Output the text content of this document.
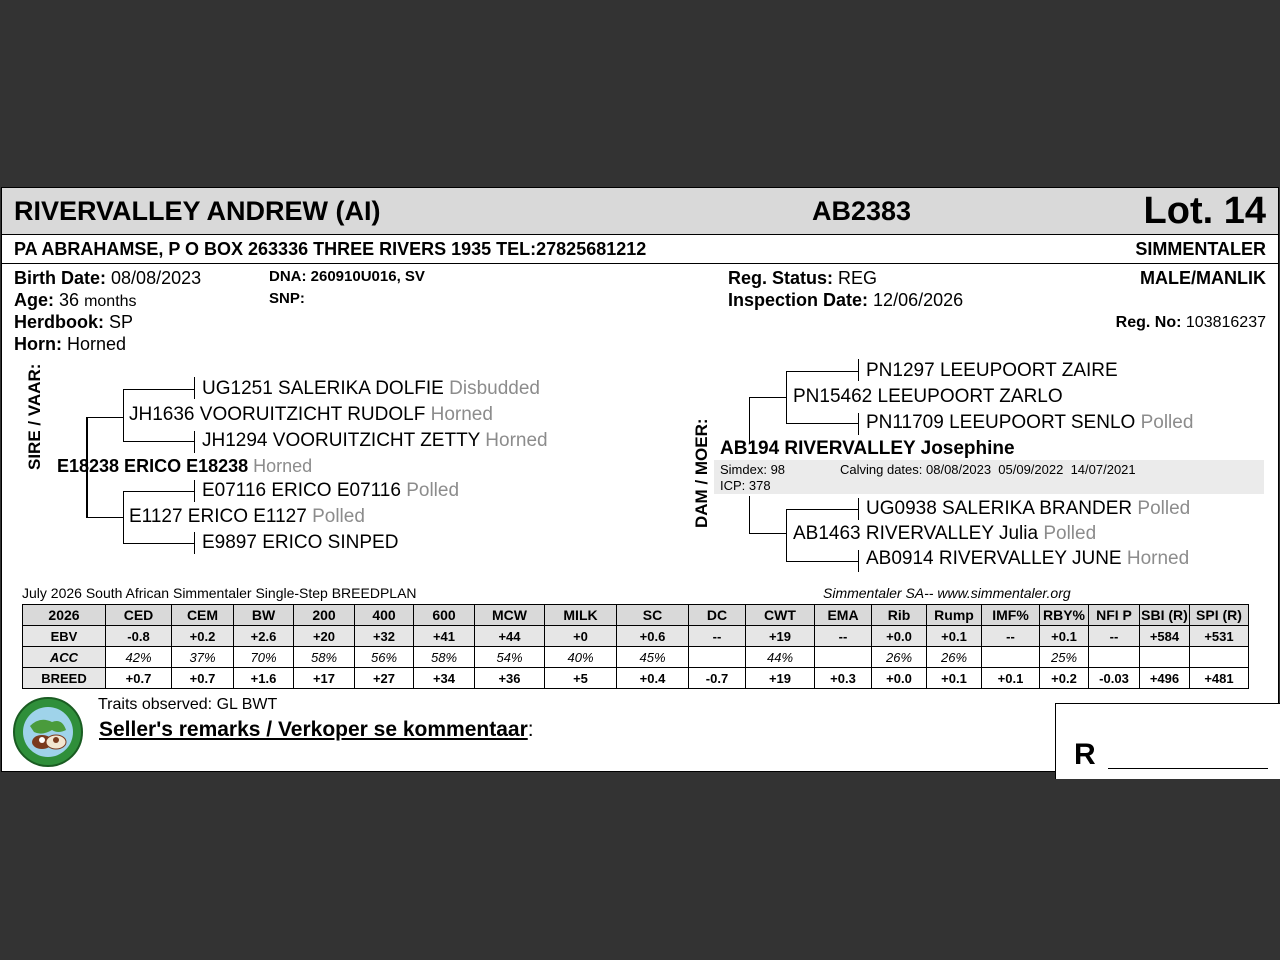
RIVERVALLEY ANDREW (AI)	AB2383	Lot. 14
PA ABRAHAMSE, P O BOX 263336 THREE RIVERS 1935 TEL:27825681212	SIMMENTALER
Birth Date: 08/08/2023
Age: 36 months
Herdbook: SP
Horn: Horned
DNA: 260910U016, SV
SNP:
Reg. Status: REG
Inspection Date: 12/06/2026
MALE/MANLIK
Reg. No: 103816237
SIRE / VAAR:	UG1251 SALERIKA DOLFIE Disbudded
JH1636 VOORUITZICHT RUDOLF Horned
JH1294 VOORUITZICHT ZETTY Horned
E18238 ERICO E18238 Horned
E07116 ERICO E07116 Polled
E1127 ERICO E1127 Polled
E9897 ERICO SINPED
DAM / MOER:
PN1297 LEEUPOORT ZAIRE
PN15462 LEEUPOORT ZARLO
PN11709 LEEUPOORT SENLO Polled
AB194 RIVERVALLEY Josephine
Simdex: 98	Calving dates: 08/08/2023  05/09/2022  14/07/2021
ICP: 378
UG0938 SALERIKA BRANDER Polled
AB1463 RIVERVALLEY Julia Polled
AB0914 RIVERVALLEY JUNE Horned
July 2026 South African Simmentaler Single-Step BREEDPLAN	Simmentaler SA-- www.simmentaler.org
2026	CED	CEM	BW	200	400	600	MCW	MILK	SC	DC	CWT	EMA	Rib	Rump	IMF%	RBY%	NFI P	SBI (R)	SPI (R)
EBV	-0.8	+0.2	+2.6	+20	+32	+41	+44	+0	+0.6	--	+19	--	+0.0	+0.1	--	+0.1	--	+584	+531
ACC	42%	37%	70%	58%	56%	58%	54%	40%	45%		44%		26%	26%		25%			
BREED	+0.7	+0.7	+1.6	+17	+27	+34	+36	+5	+0.4	-0.7	+19	+0.3	+0.0	+0.1	+0.1	+0.2	-0.03	+496	+481
Traits observed: GL BWT
Seller's remarks / Verkoper se kommentaar:
R
